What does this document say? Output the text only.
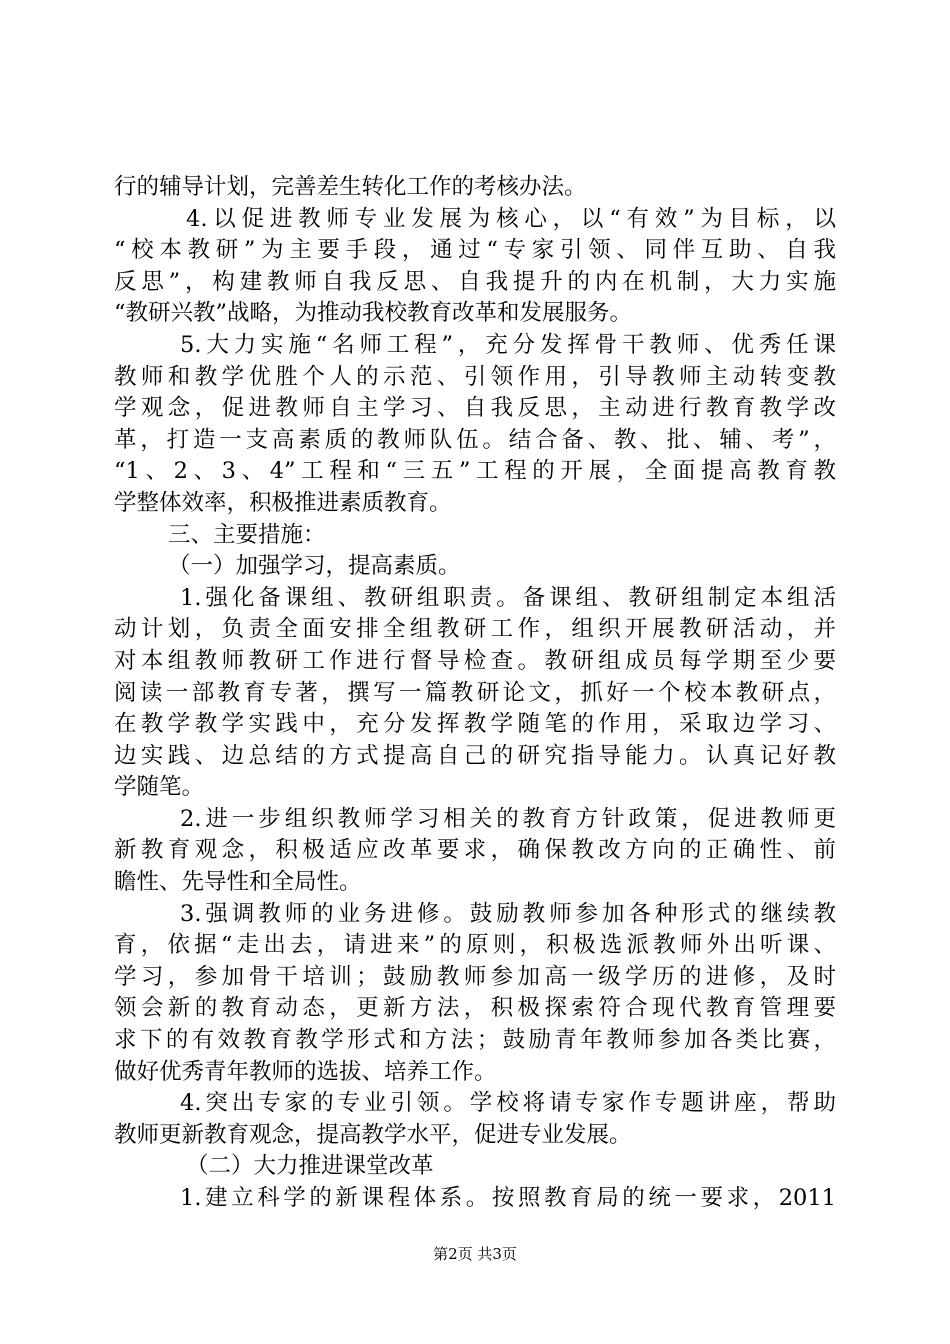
行的辅导计划，完善差生转化工作的考核办法。
4.以促进教师专业发展为核心，以“有效”为目标，以
“校本教研”为主要手段，通过“专家引领、同伴互助、自我
反思”，构建教师自我反思、自我提升的内在机制，大力实施
“教研兴教”战略，为推动我校教育改革和发展服务。
5.大力实施“名师工程”，充分发挥骨干教师、优秀任课
教师和教学优胜个人的示范、引领作用，引导教师主动转变教
学观念，促进教师自主学习、自我反思，主动进行教育教学改
革，打造一支高素质的教师队伍。结合备、教、批、辅、考”，
“1、2、3、4”工程和“三五”工程的开展，全面提高教育教
学整体效率，积极推进素质教育。
三、主要措施：
（一）加强学习，提高素质。
1.强化备课组、教研组职责。备课组、教研组制定本组活
动计划，负责全面安排全组教研工作，组织开展教研活动，并
对本组教师教研工作进行督导检查。教研组成员每学期至少要
阅读一部教育专著，撰写一篇教研论文，抓好一个校本教研点，
在教学教学实践中，充分发挥教学随笔的作用，采取边学习、
边实践、边总结的方式提高自己的研究指导能力。认真记好教
学随笔。
2.进一步组织教师学习相关的教育方针政策，促进教师更
新教育观念，积极适应改革要求，确保教改方向的正确性、前
瞻性、先导性和全局性。
3.强调教师的业务进修。鼓励教师参加各种形式的继续教
育，依据“走出去，请进来”的原则，积极选派教师外出听课、
学习，参加骨干培训；鼓励教师参加高一级学历的进修，及时
领会新的教育动态，更新方法，积极探索符合现代教育管理要
求下的有效教育教学形式和方法；鼓励青年教师参加各类比赛，
做好优秀青年教师的选拔、培养工作。
4.突出专家的专业引领。学校将请专家作专题讲座，帮助
教师更新教育观念，提高教学水平，促进专业发展。
（二）大力推进课堂改革
1.建立科学的新课程体系。按照教育局的统一要求，2011
第2页 共3页
